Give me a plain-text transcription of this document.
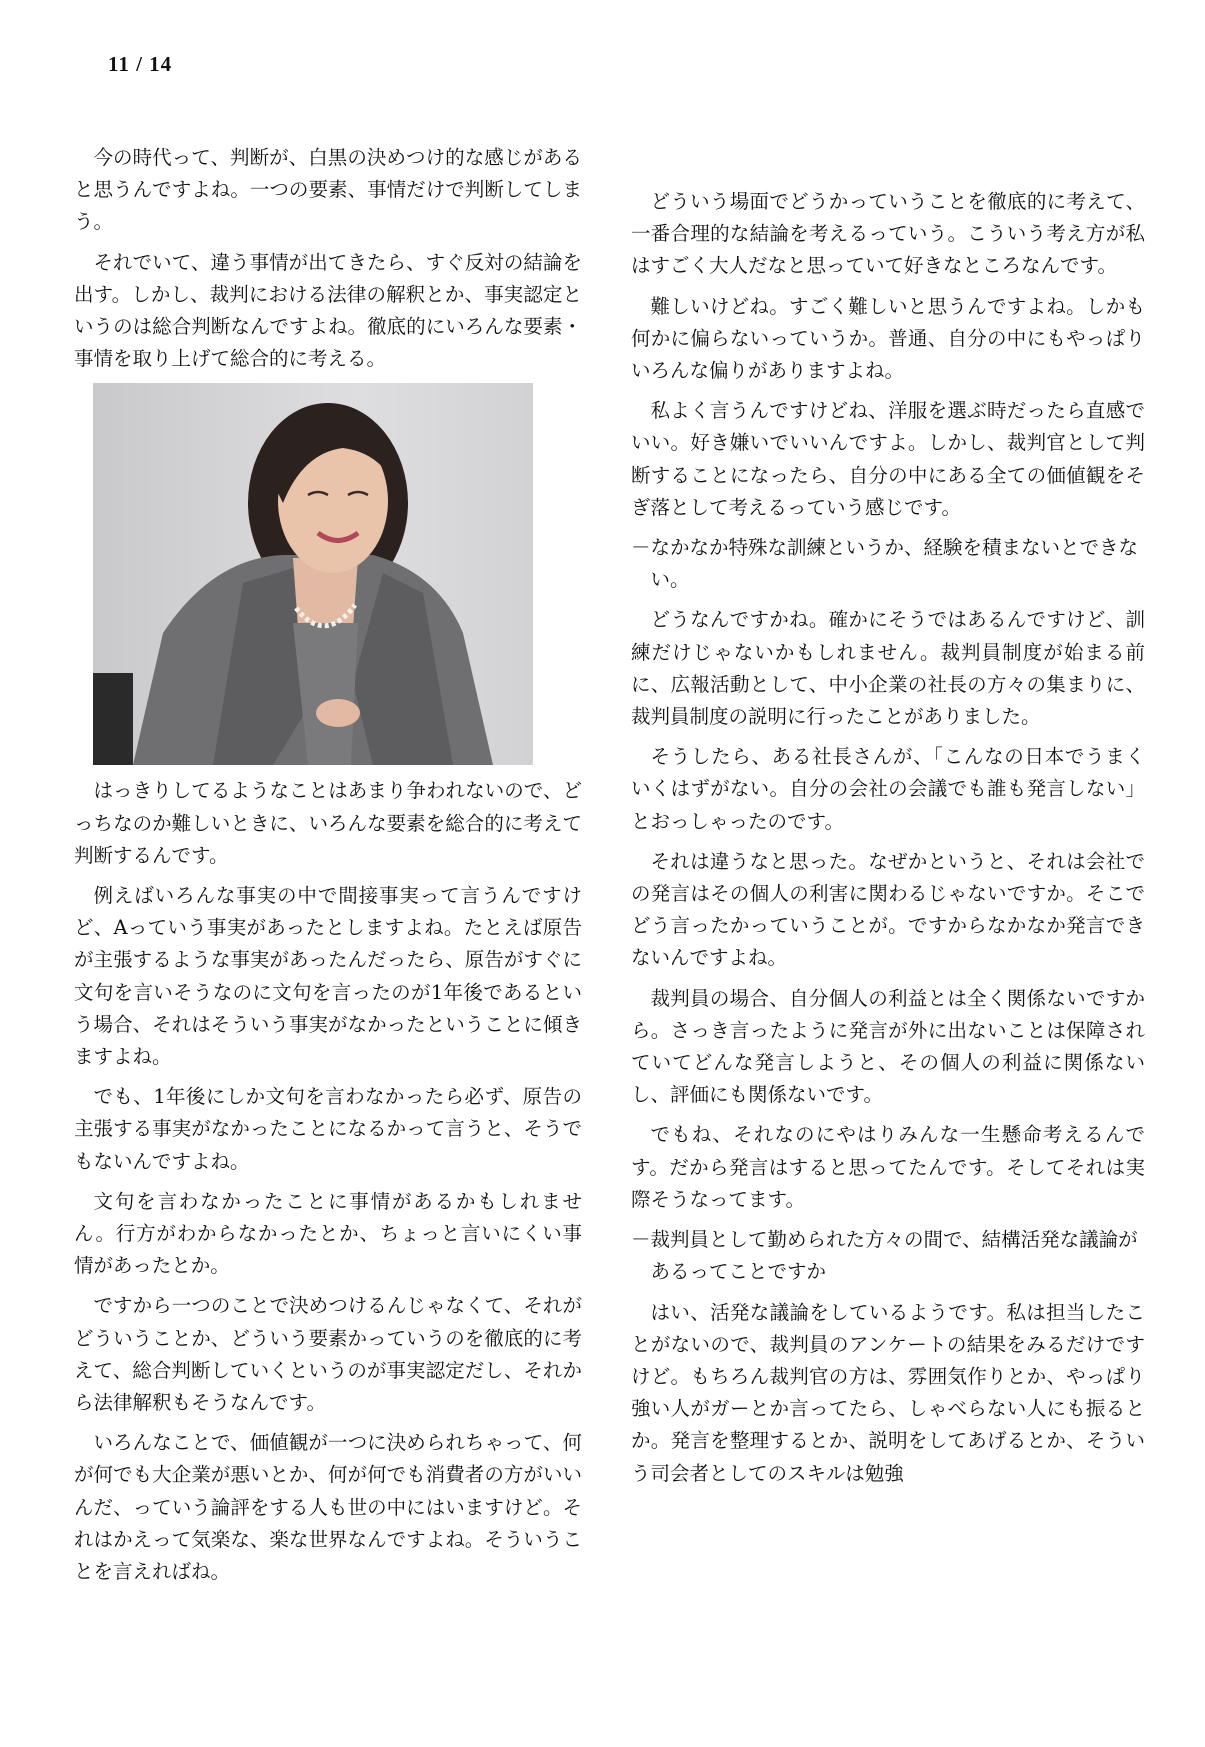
11 / 14

今の時代って、判断が、白黒の決めつけ的な感じがあると思うんですよね。一つの要素、事情だけで判断してしまう。

それでいて、違う事情が出てきたら、すぐ反対の結論を出す。しかし、裁判における法律の解釈とか、事実認定というのは総合判断なんですよね。徹底的にいろんな要素・事情を取り上げて総合的に考える。

はっきりしてるようなことはあまり争われないので、どっちなのか難しいときに、いろんな要素を総合的に考えて判断するんです。

例えばいろんな事実の中で間接事実って言うんですけど、Aっていう事実があったとしますよね。たとえば原告が主張するような事実があったんだったら、原告がすぐに文句を言いそうなのに文句を言ったのが1年後であるという場合、それはそういう事実がなかったということに傾きますよね。

でも、1年後にしか文句を言わなかったら必ず、原告の主張する事実がなかったことになるかって言うと、そうでもないんですよね。

文句を言わなかったことに事情があるかもしれません。行方がわからなかったとか、ちょっと言いにくい事情があったとか。

ですから一つのことで決めつけるんじゃなくて、それがどういうことか、どういう要素かっていうのを徹底的に考えて、総合判断していくというのが事実認定だし、それから法律解釈もそうなんです。

いろんなことで、価値観が一つに決められちゃって、何が何でも大企業が悪いとか、何が何でも消費者の方がいいんだ、っていう論評をする人も世の中にはいますけど。それはかえって気楽な、楽な世界なんですよね。そういうことを言えればね。

どういう場面でどうかっていうことを徹底的に考えて、一番合理的な結論を考えるっていう。こういう考え方が私はすごく大人だなと思っていて好きなところなんです。

難しいけどね。すごく難しいと思うんですよね。しかも何かに偏らないっていうか。普通、自分の中にもやっぱりいろんな偏りがありますよね。

私よく言うんですけどね、洋服を選ぶ時だったら直感でいい。好き嫌いでいいんですよ。しかし、裁判官として判断することになったら、自分の中にある全ての価値観をそぎ落として考えるっていう感じです。

－なかなか特殊な訓練というか、経験を積まないとできない。

どうなんですかね。確かにそうではあるんですけど、訓練だけじゃないかもしれません。裁判員制度が始まる前に、広報活動として、中小企業の社長の方々の集まりに、裁判員制度の説明に行ったことがありました。

そうしたら、ある社長さんが、「こんなの日本でうまくいくはずがない。自分の会社の会議でも誰も発言しない」とおっしゃったのです。

それは違うなと思った。なぜかというと、それは会社での発言はその個人の利害に関わるじゃないですか。そこでどう言ったかっていうことが。ですからなかなか発言できないんですよね。

裁判員の場合、自分個人の利益とは全く関係ないですから。さっき言ったように発言が外に出ないことは保障されていてどんな発言しようと、その個人の利益に関係ないし、評価にも関係ないです。

でもね、それなのにやはりみんな一生懸命考えるんです。だから発言はすると思ってたんです。そしてそれは実際そうなってます。

－裁判員として勤められた方々の間で、結構活発な議論があるってことですか

はい、活発な議論をしているようです。私は担当したことがないので、裁判員のアンケートの結果をみるだけですけど。もちろん裁判官の方は、雰囲気作りとか、やっぱり強い人がガーとか言ってたら、しゃべらない人にも振るとか。発言を整理するとか、説明をしてあげるとか、そういう司会者としてのスキルは勉強
